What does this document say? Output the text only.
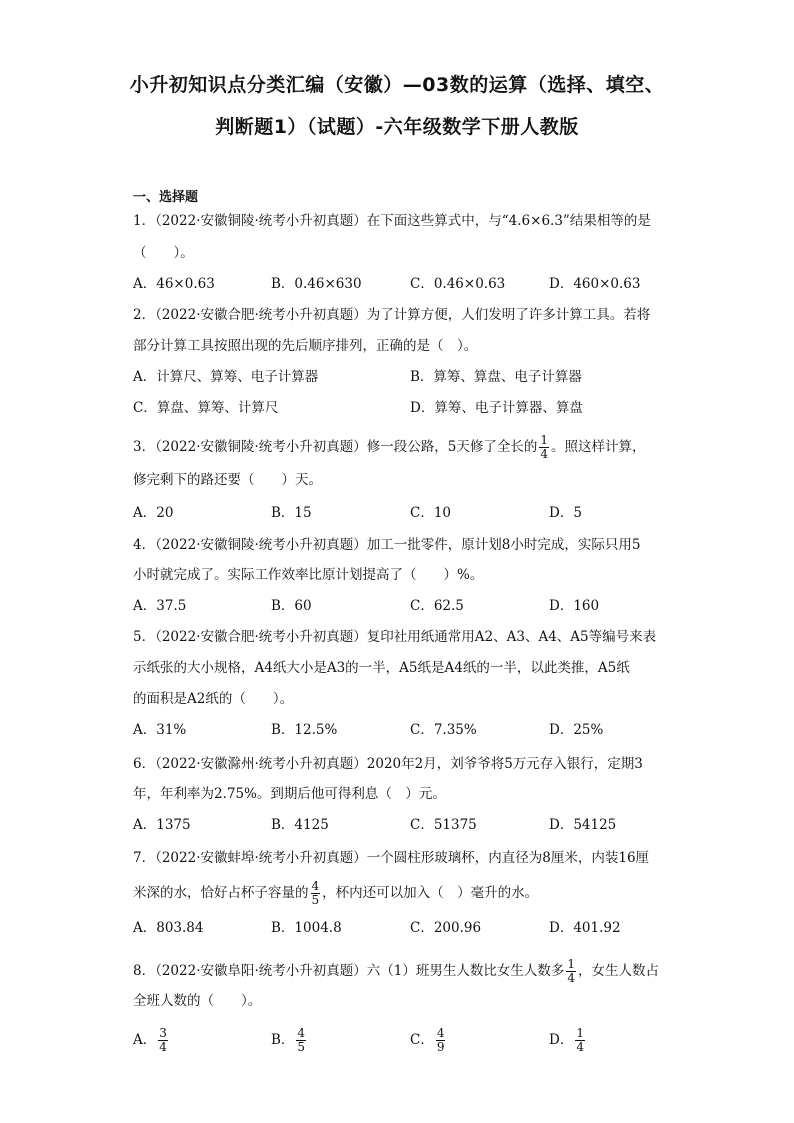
小升初知识点分类汇编（安徽）—03数的运算（选择、填空、
判断题1）（试题）-六年级数学下册人教版
一、选择题
1．（2022·安徽铜陵·统考小升初真题）在下面这些算式中，与“4.6×6.3”结果相等的是
（　　）。
A．46×0.63	B．0.46×630	C．0.46×0.63	D．460×0.63
2．（2022·安徽合肥·统考小升初真题）为了计算方便，人们发明了许多计算工具。若将
部分计算工具按照出现的先后顺序排列，正确的是（　）。
A．计算尺、算筹、电子计算器	B．算筹、算盘、电子计算器
C．算盘、算筹、计算尺	D．算筹、电子计算器、算盘
3．（2022·安徽铜陵·统考小升初真题）修一段公路，5天修了全长的 $\frac{1}{4}$ 。照这样计算，
修完剩下的路还要（　　）天。
A．20	B．15	C．10	D．5
4．（2022·安徽铜陵·统考小升初真题）加工一批零件，原计划8小时完成，实际只用5
小时就完成了。实际工作效率比原计划提高了（　　）%。
A．37.5	B．60	C．62.5	D．160
5．（2022·安徽合肥·统考小升初真题）复印社用纸通常用A2、A3、A4、A5等编号来表
示纸张的大小规格，A4纸大小是A3的一半，A5纸是A4纸的一半，以此类推，A5纸
的面积是A2纸的（　　）。
A．31%	B．12.5%	C．7.35%	D．25%
6．（2022·安徽滁州·统考小升初真题）2020年2月，刘爷爷将5万元存入银行，定期3
年，年利率为2.75%。到期后他可得利息（　）元。
A．1375	B．4125	C．51375	D．54125
7．（2022·安徽蚌埠·统考小升初真题）一个圆柱形玻璃杯，内直径为8厘米，内装16厘
米深的水，恰好占杯子容量的 $\frac{4}{5}$ ，杯内还可以加入（　）毫升的水。
A．803.84	B．1004.8	C．200.96	D．401.92
8．（2022·安徽阜阳·统考小升初真题）六（1）班男生人数比女生人数多 $\frac{1}{4}$ ，女生人数占
全班人数的（　　）。
A． $\frac{3}{4}$	B． $\frac{4}{5}$	C． $\frac{4}{9}$	D． $\frac{1}{4}$
